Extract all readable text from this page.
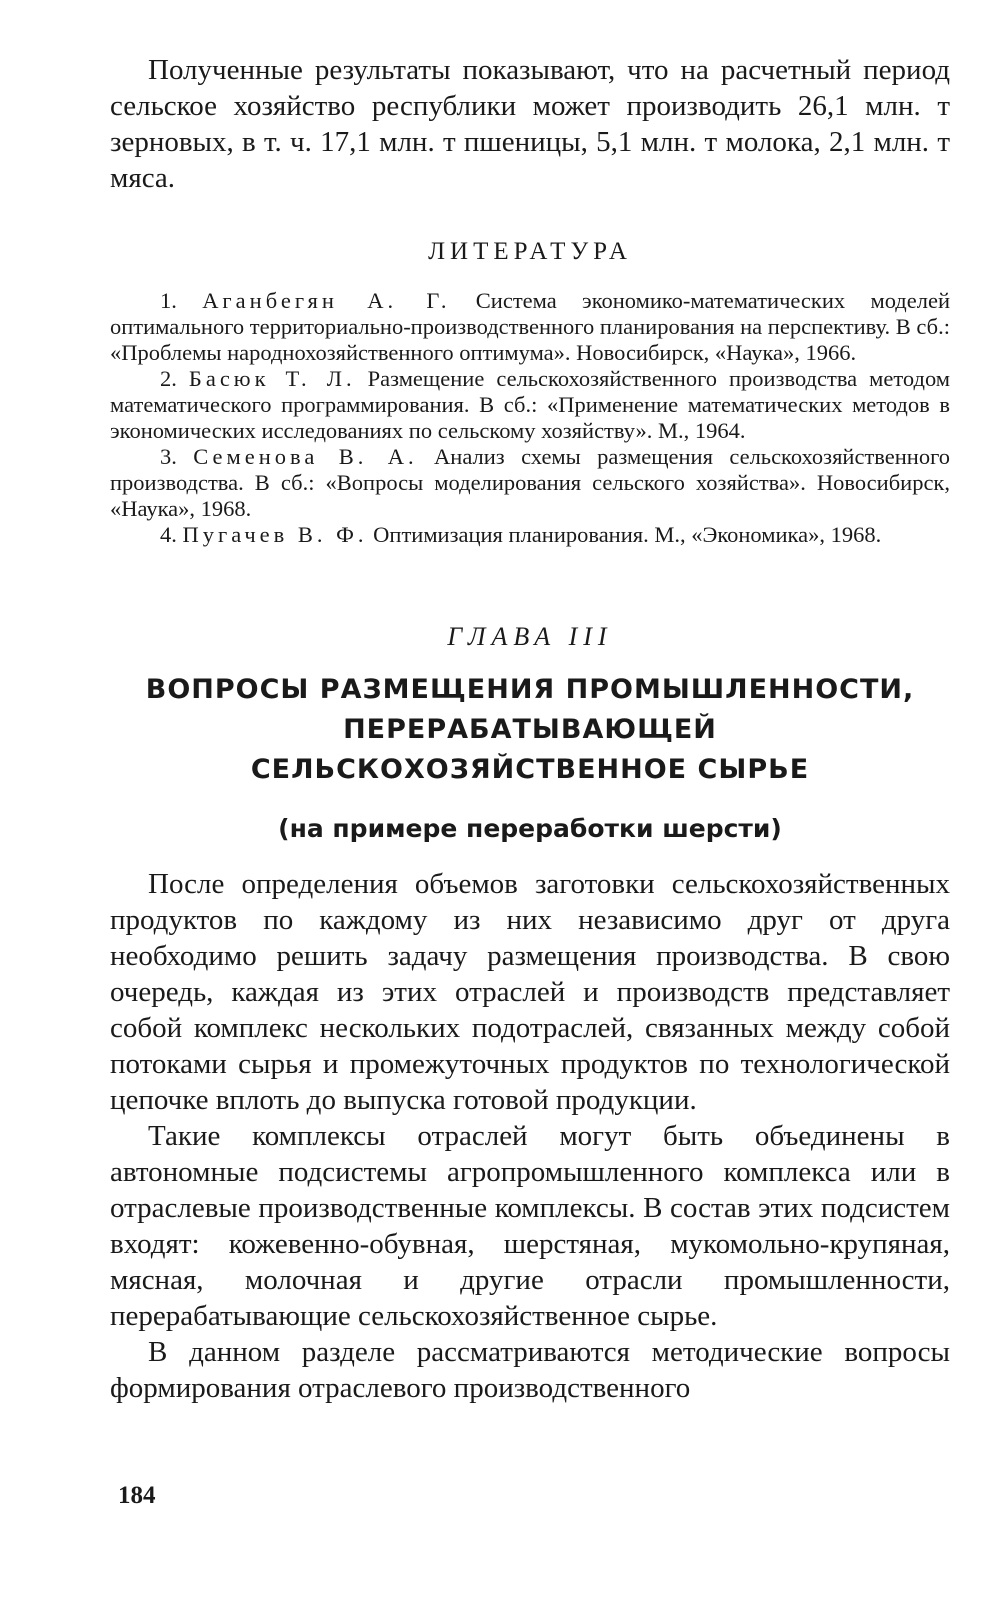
Полученные результаты показывают, что на расчетный период сельское хозяйство республики может производить 26,1 млн. т зерновых, в т. ч. 17,1 млн. т пшеницы, 5,1 млн. т молока, 2,1 млн. т мяса.

ЛИТЕРАТУРА

1. Аганбегян А. Г. Система экономико-математических моделей оптимального территориально-производственного планирования на перспективу. В сб.: «Проблемы народнохозяйственного оптимума». Новосибирск, «Наука», 1966.

2. Басюк Т. Л. Размещение сельскохозяйственного производства методом математического программирования. В сб.: «Применение математических методов в экономических исследованиях по сельскому хозяйству». М., 1964.

3. Семенова В. А. Анализ схемы размещения сельскохозяйственного производства. В сб.: «Вопросы моделирования сельского хозяйства». Новосибирск, «Наука», 1968.

4. Пугачев В. Ф. Оптимизация планирования. М., «Экономика», 1968.

ГЛАВА III
ВОПРОСЫ РАЗМЕЩЕНИЯ ПРОМЫШЛЕННОСТИ,
ПЕРЕРАБАТЫВАЮЩЕЙ
СЕЛЬСКОХОЗЯЙСТВЕННОЕ СЫРЬЕ
(на примере переработки шерсти)

После определения объемов заготовки сельскохозяйственных продуктов по каждому из них независимо друг от друга необходимо решить задачу размещения производства. В свою очередь, каждая из этих отраслей и производств представляет собой комплекс нескольких подотраслей, связанных между собой потоками сырья и промежуточных продуктов по технологической цепочке вплоть до выпуска готовой продукции.

Такие комплексы отраслей могут быть объединены в автономные подсистемы агропромышленного комплекса или в отраслевые производственные комплексы. В состав этих подсистем входят: кожевенно-обувная, шерстяная, мукомольно-крупяная, мясная, молочная и другие отрасли промышленности, перерабатывающие сельскохозяйственное сырье.

В данном разделе рассматриваются методические вопросы формирования отраслевого производственного

184
